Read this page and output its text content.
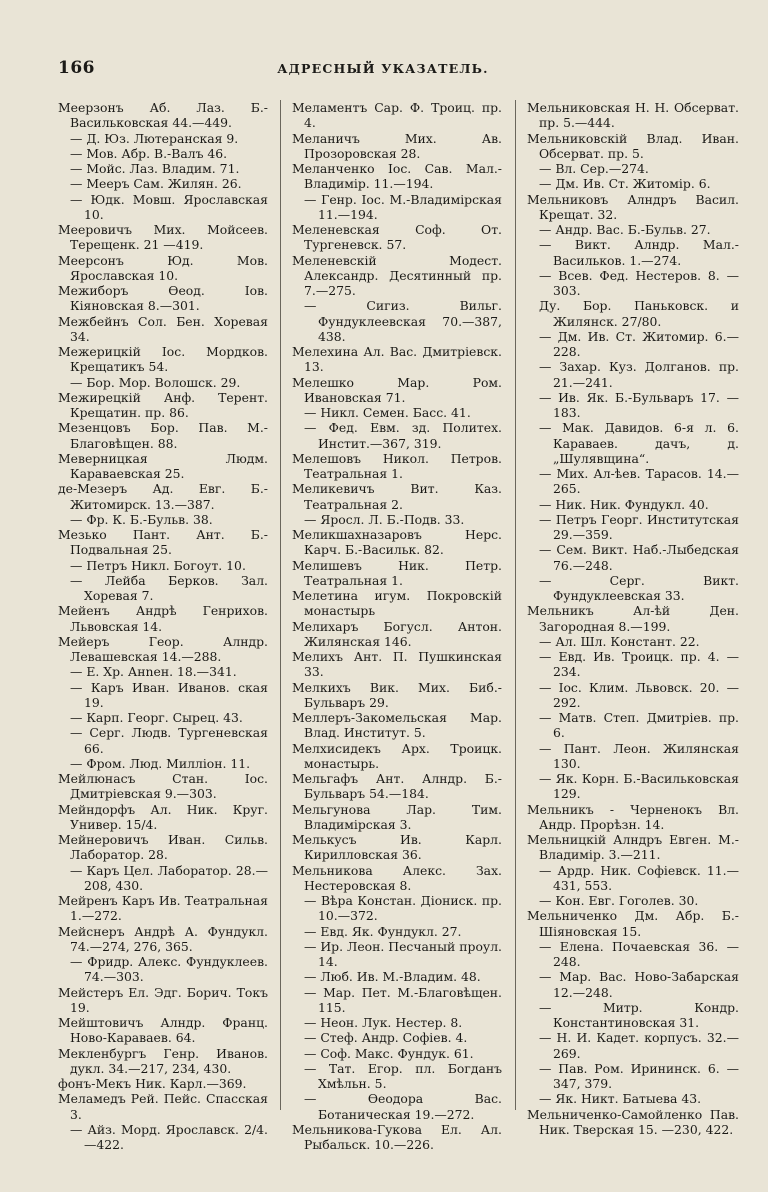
166	АДРЕСНЫЙ УКАЗАТЕЛЬ.
Меерзонъ Аб. Лаз. Б.-Васильковская 44.—449.
— Д. Юз. Лютеранская 9.
— Мов. Абр. В.-Валъ 46.
— Мойс. Лаз. Владим. 71.
— Мееръ Сам. Жилян. 26.
— Юдк. Мовш. Ярославская 10.
Мееровичъ Мих. Мойсеев. Терещенк. 21 —419.
Меерсонъ Юд. Мов. Ярославская 10.
Межиборъ Өеод. Iов. Кiяновская 8.—301.
Межбейнъ Сол. Бен. Хоревая 34.
Межерицкiй Iос. Мордков. Крещатикъ 54.
— Бор. Мор. Волошск. 29.
Межирецкiй Анф. Терент. Крещатин. пр. 86.
Мезенцовъ Бор. Пав. М.-Благовѣщен. 88.
Меверницкая Людм. Караваевская 25.
де-Мезеръ Ад. Евг. Б.-Житомирск. 13.—387.
— Фр. К. Б.-Бульв. 38.
Мезько Пант. Ант. Б.-Подвальная 25.
— Петръ Никл. Богоут. 10.
— Лейба Берков. Зал. Хоревая 7.
Мейенъ Андрѣ Генрихов. Львовская 14.
Мейеръ Геор. Алндр. Левашевская 14.—288.
— Е. Хр. Анnен. 18.—341.
— Каръ Иван. Иванов. ская 19.
— Карп. Георг. Сырец. 43.
— Серг. Людв. Тургеневская 66.
— Фром. Люд. Миллiон. 11.
Мейлюнасъ Стан. Iос. Дмитрiевская 9.—303.
Мейндорфъ Ал. Ник. Круг. Универ. 15/4.
Мейнеровичъ Иван. Сильв. Лаборатор. 28.
— Каръ Цел. Лаборатор. 28.—208, 430.
Мейренъ Каръ Ив. Театральная 1.—272.
Мейснеръ Андрѣ А. Фундукл. 74.—274, 276, 365.
— Фридр. Алекс. Фундуклеев. 74.—303.
Мейстеръ Ел. Эдг. Борич. Токъ 19.
Мейштовичъ Алндр. Франц. Ново-Караваев. 64.
Мекленбургъ Генр. Иванов. дукл. 34.—217, 234, 430.
фонъ-Мекъ Ник. Карл.—369.
Меламедъ Рей. Пейс. Спасская 3.
— Айз. Морд. Ярославск. 2/4.—422.
Меламентъ Сар. Ф. Троиц. пр. 4.
Меланичъ Мих. Ав. Прозоровская 28.
Меланченко Iос. Сав. Мал.-Владимiр. 11.—194.
— Генр. Iос. М.-Владимiрская 11.—194.
Меленевская Соф. От. Тургеневск. 57.
Меленевскiй Модест. Александр. Десятинный пр. 7.—275.
— Сигиз. Вильг. Фундуклеевская 70.—387, 438.
Мелехина Ал. Вас. Дмитрiевск. 13.
Мелешко Мар. Ром. Ивановская 71.
— Никл. Семен. Басс. 41.
— Фед. Евм. зд. Политех. Инстит.—367, 319.
Мелешовъ Никол. Петров. Театральная 1.
Меликевичъ Вит. Каз. Театральная 2.
— Яросл. Л. Б.-Подв. 33.
Меликшахназаровъ Нерс. Карч. Б.-Васильк. 82.
Мелишевъ Ник. Петр. Театральная 1.
Мелетина игум. Покровскiй монастырь
Мелихаръ Богусл. Антон. Жилянская 146.
Мелихъ Ант. П. Пушкинская 33.
Мелкихъ Вик. Мих. Биб.-Бульваръ 29.
Меллеръ-Закомельская Мар. Влад. Институт. 5.
Мелхисидекъ Арх. Троицк. монастырь.
Мельгафъ Ант. Алндр. Б.-Бульваръ 54.—184.
Мельгунова Лар. Тим. Владимiрская 3.
Мелькусъ Ив. Карл. Кирилловская 36.
Мельникова Алекс. Зах. Нестеровская 8.
— Вѣра Констан. Дiониск. пр. 10.—372.
— Евд. Як. Фундукл. 27.
— Ир. Леон. Песчаный проул. 14.
— Люб. Ив. М.-Владим. 48.
— Мар. Пет. М.-Благовѣщен. 115.
— Неон. Лук. Нестер. 8.
— Стеф. Андр. Софiев. 4.
— Соф. Макс. Фундук. 61.
— Тат. Егор. пл. Богданъ Хмѣльн. 5.
— Өеодора Вас. Ботаническая 19.—272.
Мельникова-Гукова Ел. Ал. Рыбальск. 10.—226.
Мельниковская Н. Н. Обсерват. пр. 5.—444.
Мельниковскiй Влад. Иван. Обсерват. пр. 5.
— Вл. Сер.—274.
— Дм. Ив. Ст. Житомiр. 6.
Мельниковъ Алндръ Васил. Крещат. 32.
— Андр. Вас. Б.-Бульв. 27.
— Викт. Алндр. Мал.-Васильков. 1.—274.
— Всев. Фед. Нестеров. 8. —303.
Ду. Бор. Паньковск. и Жилянск. 27/80.
— Дм. Ив. Ст. Житомир. 6.—228.
— Захар. Куз. Долганов. пр. 21.—241.
— Ив. Як. Б.-Бульваръ 17. —183.
— Мак. Давидов. 6-я л. 6. Караваев. дачъ, д. „Шулявщина“.
— Мих. Ал-ѣев. Тарасов. 14.—265.
— Ник. Ник. Фундукл. 40.
— Петръ Георг. Институтская 29.—359.
— Сем. Викт. Наб.-Лыбедская 76.—248.
— Серг. Викт. Фундуклеевская 33.
Мельникъ Ал-ѣй Ден. Загородная 8.—199.
— Ал. Шл. Констант. 22.
— Евд. Ив. Троицк. пр. 4. —234.
— Iос. Клим. Львовск. 20. —292.
— Матв. Степ. Дмитрiев. пр. 6.
— Пант. Леон. Жилянская 130.
— Як. Корн. Б.-Васильковская 129.
Мельникъ - Черненокъ Вл. Андр. Прорѣзн. 14.
Мельницкiй Алндръ Евген. М.-Владимiр. 3.—211.
— Ардр. Ник. Софiевск. 11.—431, 553.
— Кон. Евг. Гоголев. 30.
Мельниченко Дм. Абр. Б.-Шiяновская 15.
— Елена. Почаевская 36. —248.
— Мар. Вас. Ново-Забарская 12.—248.
— Митр. Кондр. Константиновская 31.
— Н. И. Кадет. корпусъ. 32.—269.
— Пав. Ром. Ирининск. 6. —347, 379.
— Як. Никт. Батыева 43.
Мельниченко-Самойленко Пав. Ник. Тверская 15. —230, 422.
